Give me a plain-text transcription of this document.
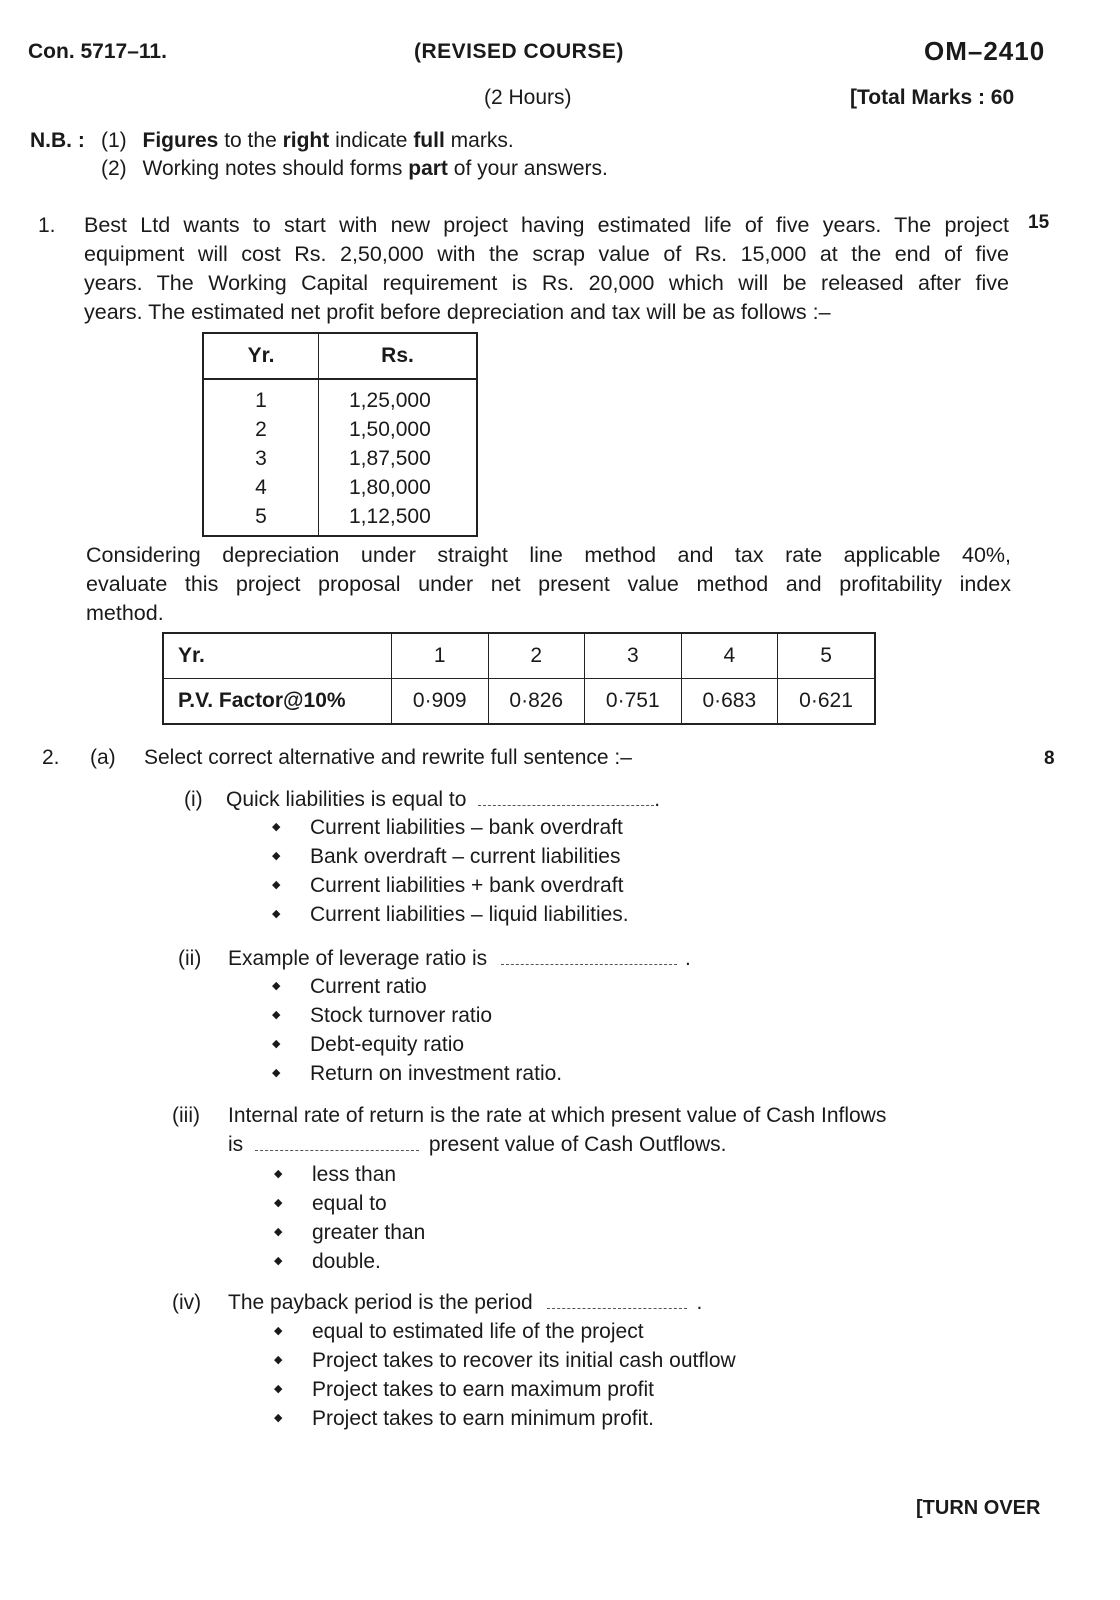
Con. 5717–11.	(REVISED COURSE)	OM–2410
(2 Hours)	[Total Marks : 60
N.B. : (1) Figures to the right indicate full marks.
(2) Working notes should forms part of your answers.
1.	15
Best Ltd wants to start with new project having estimated life of five years. The project
equipment will cost Rs. 2,50,000 with the scrap value of Rs. 15,000 at the end of five
years. The Working Capital requirement is Rs. 20,000 which will be released after five
years. The estimated net profit before depreciation and tax will be as follows :–
Yr.	Rs.
1	1,25,000
2	1,50,000
3	1,87,500
4	1,80,000
5	1,12,500
Considering depreciation under straight line method and tax rate applicable 40%,
evaluate this project proposal under net present value method and profitability index
method.
Yr.	1	2	3	4	5
P.V. Factor@10%	0·909	0·826	0·751	0·683	0·621
2. (a) Select correct alternative and rewrite full sentence :–	8
(i) Quick liabilities is equal to	.
◆ Current liabilities – bank overdraft
◆ Bank overdraft – current liabilities
◆ Current liabilities + bank overdraft
◆ Current liabilities – liquid liabilities.
(ii) Example of leverage ratio is	.
◆ Current ratio
◆ Stock turnover ratio
◆ Debt-equity ratio
◆ Return on investment ratio.
(iii) Internal rate of return is the rate at which present value of Cash Inflows
is	present value of Cash Outflows.
◆ less than
◆ equal to
◆ greater than
◆ double.
(iv) The payback period is the period	.
◆ equal to estimated life of the project
◆ Project takes to recover its initial cash outflow
◆ Project takes to earn maximum profit
◆ Project takes to earn minimum profit.
[TURN OVER
